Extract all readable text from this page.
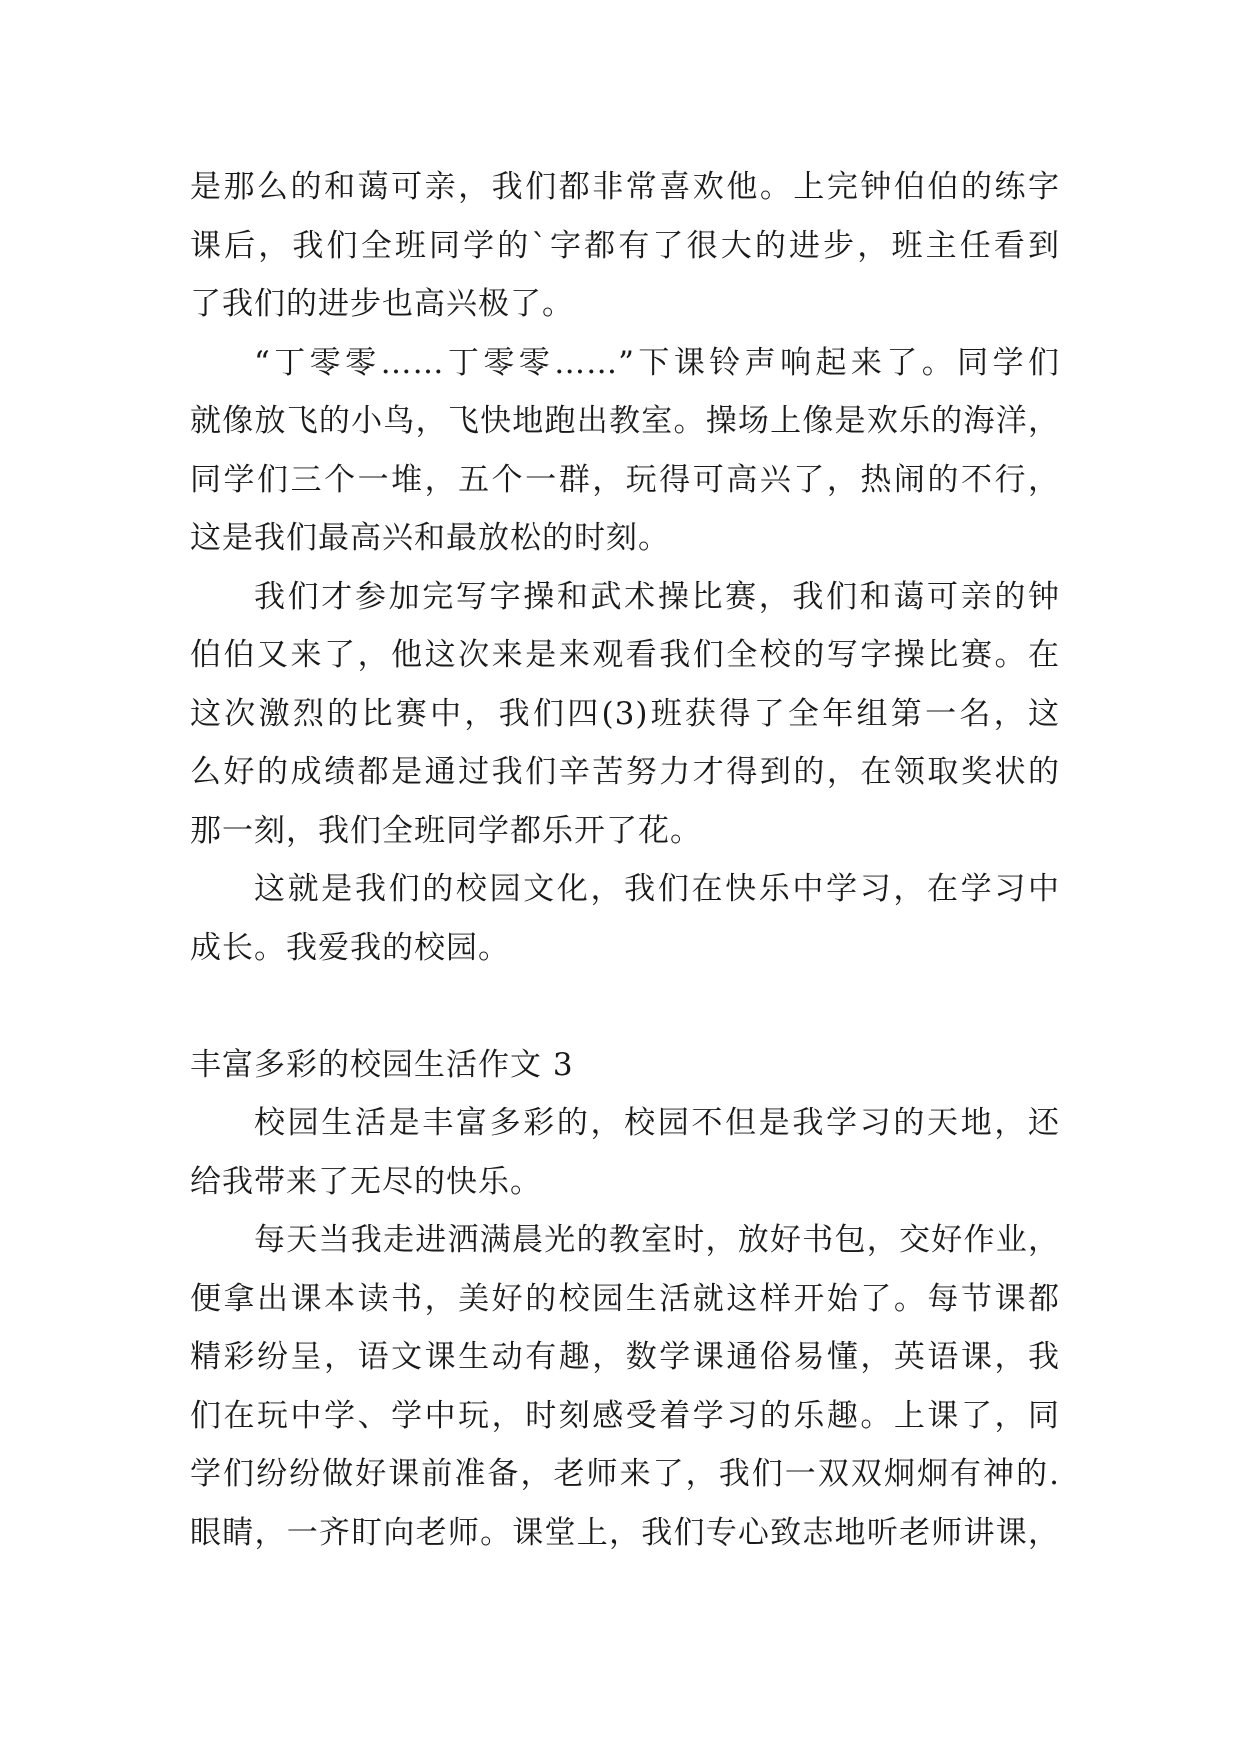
是那么的和蔼可亲，我们都非常喜欢他。上完钟伯伯的练字
课后，我们全班同学的`字都有了很大的进步，班主任看到
了我们的进步也高兴极了。
“丁零零……丁零零……”下课铃声响起来了。同学们
就像放飞的小鸟，飞快地跑出教室。操场上像是欢乐的海洋，
同学们三个一堆，五个一群，玩得可高兴了，热闹的不行，
这是我们最高兴和最放松的时刻。
我们才参加完写字操和武术操比赛，我们和蔼可亲的钟
伯伯又来了，他这次来是来观看我们全校的写字操比赛。在
这次激烈的比赛中，我们四(3)班获得了全年组第一名，这
么好的成绩都是通过我们辛苦努力才得到的，在领取奖状的
那一刻，我们全班同学都乐开了花。
这就是我们的校园文化，我们在快乐中学习，在学习中
成长。我爱我的校园。
丰富多彩的校园生活作文 3
校园生活是丰富多彩的，校园不但是我学习的天地，还
给我带来了无尽的快乐。
每天当我走进洒满晨光的教室时，放好书包，交好作业，
便拿出课本读书，美好的校园生活就这样开始了。每节课都
精彩纷呈，语文课生动有趣，数学课通俗易懂，英语课，我
们在玩中学、学中玩，时刻感受着学习的乐趣。上课了，同
学们纷纷做好课前准备，老师来了，我们一双双炯炯有神的.
眼睛，一齐盯向老师。课堂上，我们专心致志地听老师讲课，
